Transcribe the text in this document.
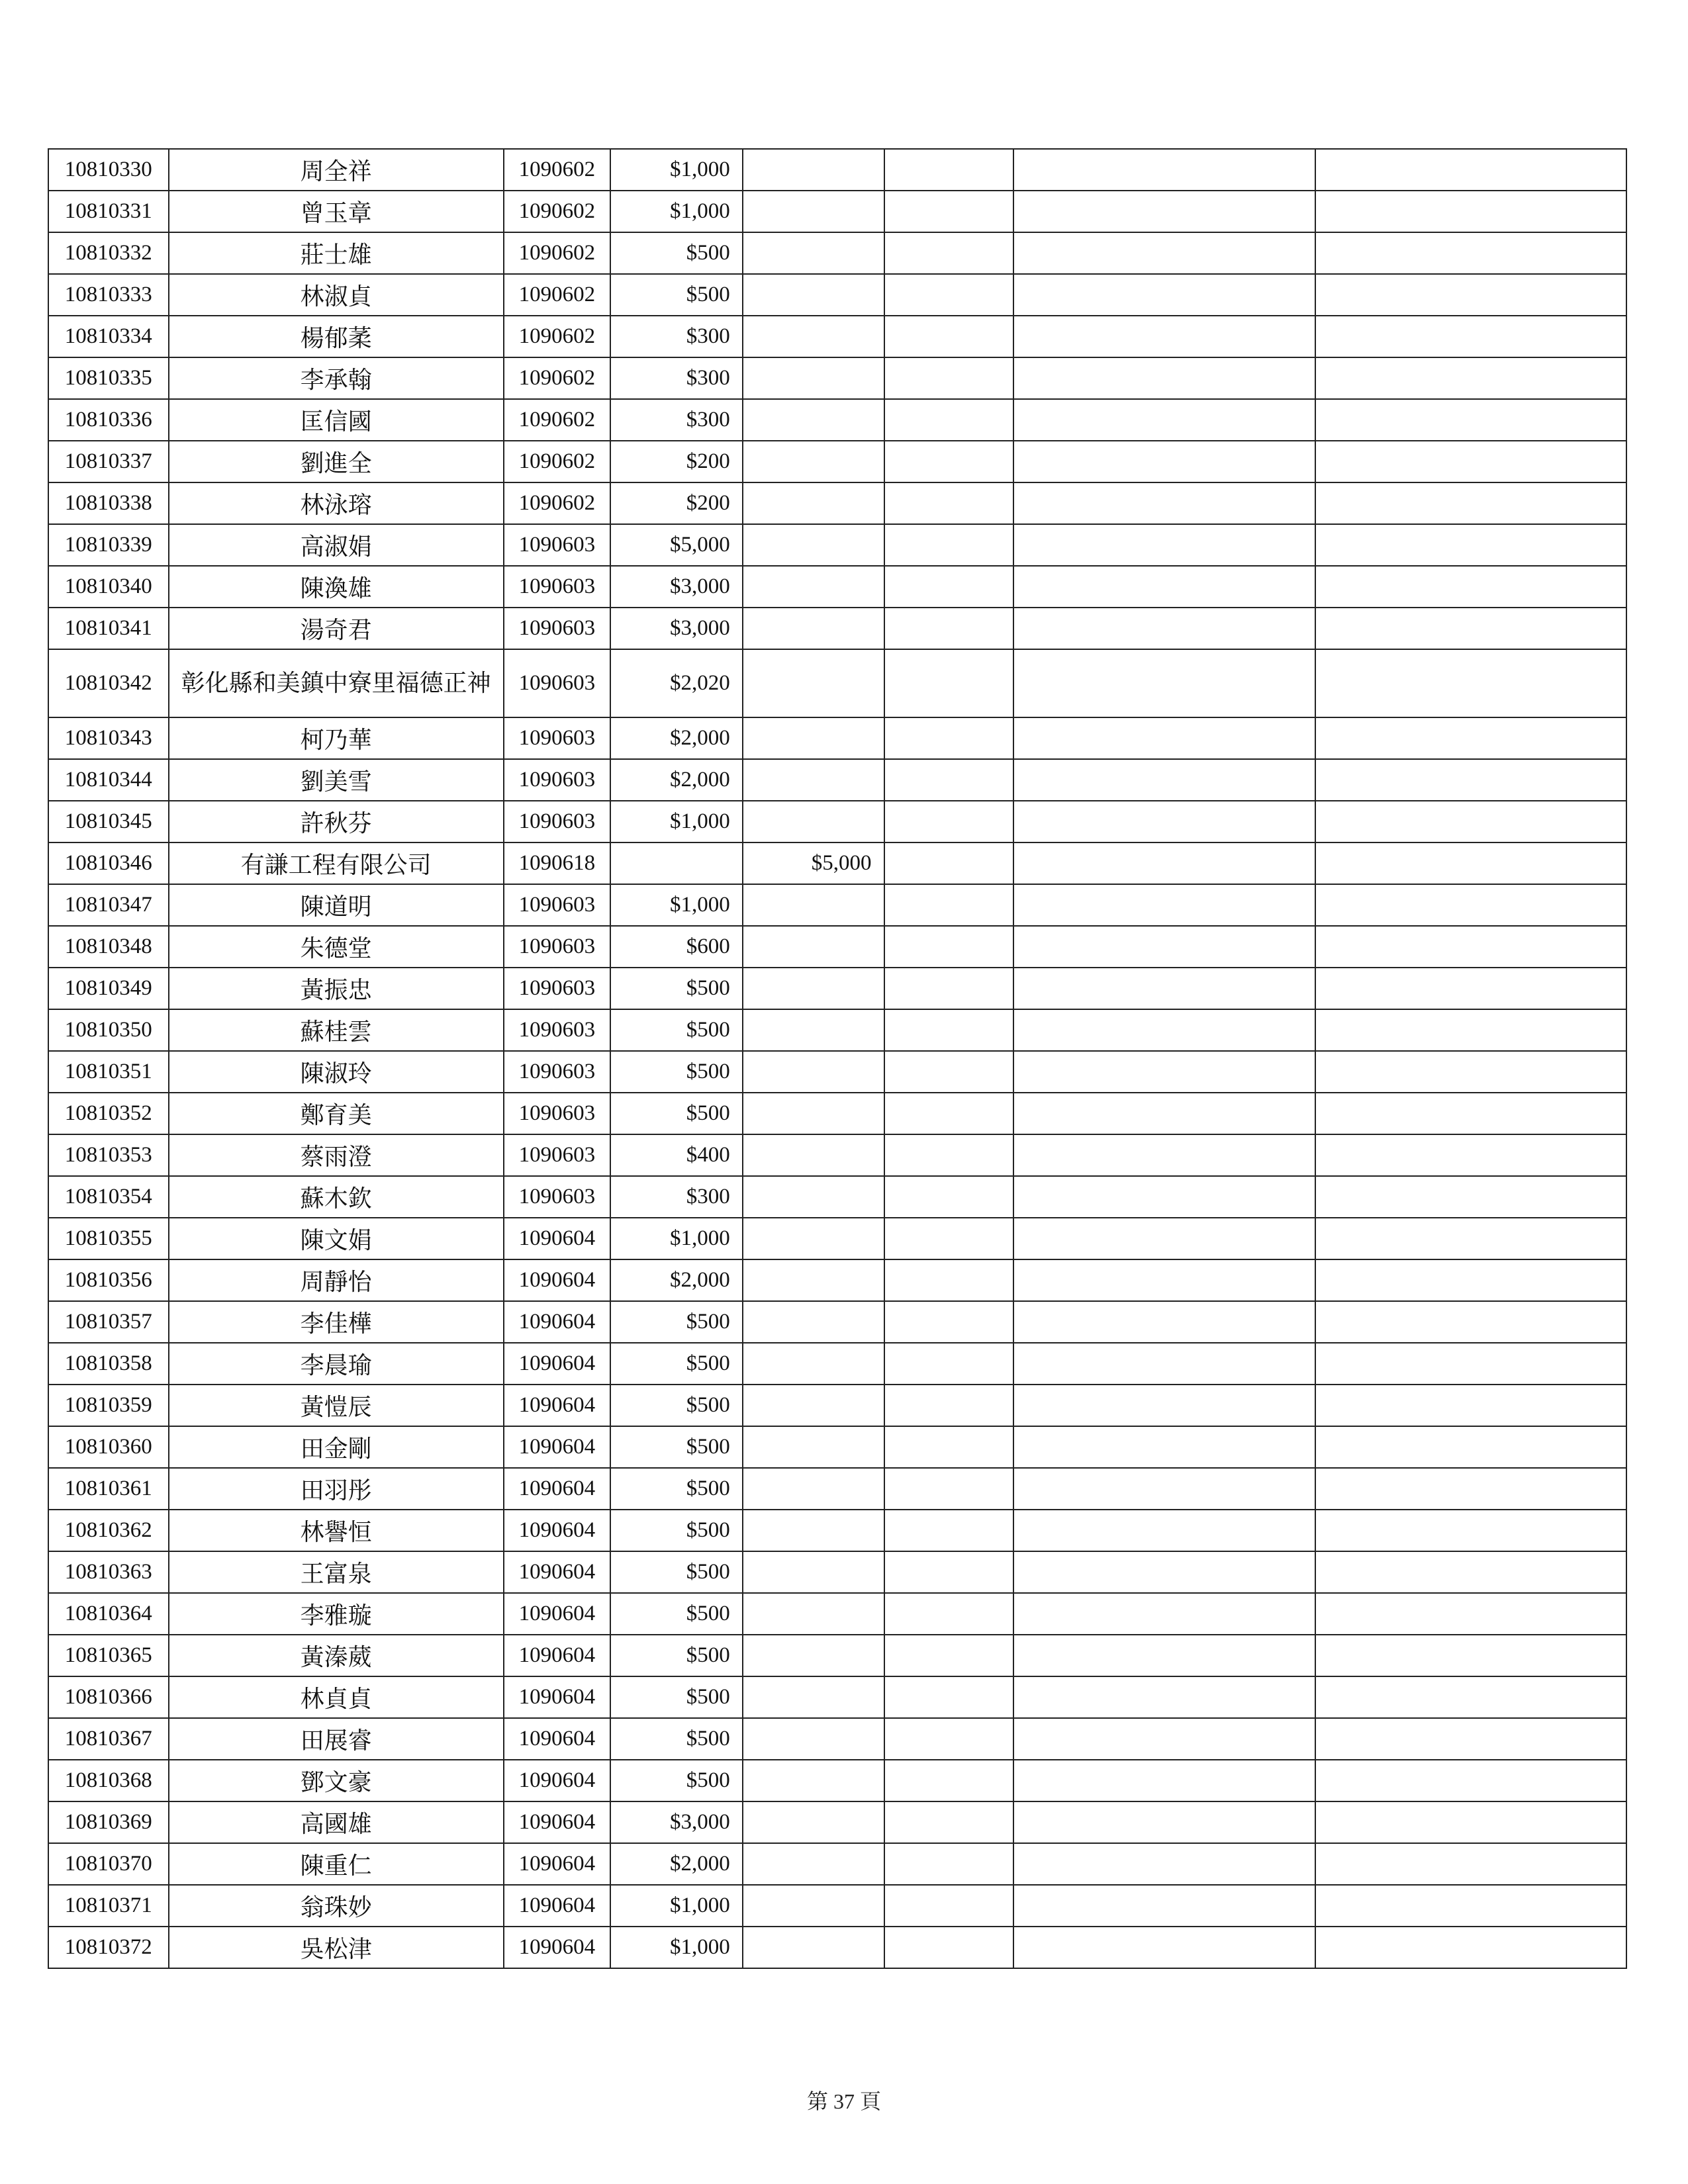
10810330	周全祥	1090602	$1,000				
10810331	曾玉章	1090602	$1,000				
10810332	莊士雄	1090602	$500				
10810333	林淑貞	1090602	$500				
10810334	楊郁葇	1090602	$300				
10810335	李承翰	1090602	$300				
10810336	匡信國	1090602	$300				
10810337	劉進全	1090602	$200				
10810338	林泳瑢	1090602	$200				
10810339	高淑娟	1090603	$5,000				
10810340	陳渙雄	1090603	$3,000				
10810341	湯奇君	1090603	$3,000				
10810342	彰化縣和美鎮中寮里福德正神	1090603	$2,020				
10810343	柯乃華	1090603	$2,000				
10810344	劉美雪	1090603	$2,000				
10810345	許秋芬	1090603	$1,000				
10810346	有謙工程有限公司	1090618		$5,000			
10810347	陳道明	1090603	$1,000				
10810348	朱德堂	1090603	$600				
10810349	黃振忠	1090603	$500				
10810350	蘇桂雲	1090603	$500				
10810351	陳淑玲	1090603	$500				
10810352	鄭育美	1090603	$500				
10810353	蔡雨澄	1090603	$400				
10810354	蘇木欽	1090603	$300				
10810355	陳文娟	1090604	$1,000				
10810356	周靜怡	1090604	$2,000				
10810357	李佳樺	1090604	$500				
10810358	李晨瑜	1090604	$500				
10810359	黃愷辰	1090604	$500				
10810360	田金剛	1090604	$500				
10810361	田羽彤	1090604	$500				
10810362	林譽恒	1090604	$500				
10810363	王富泉	1090604	$500				
10810364	李雅璇	1090604	$500				
10810365	黃溱葳	1090604	$500				
10810366	林貞貞	1090604	$500				
10810367	田展睿	1090604	$500				
10810368	鄧文豪	1090604	$500				
10810369	高國雄	1090604	$3,000				
10810370	陳重仁	1090604	$2,000				
10810371	翁珠妙	1090604	$1,000				
10810372	吳松津	1090604	$1,000				
第 37 頁
